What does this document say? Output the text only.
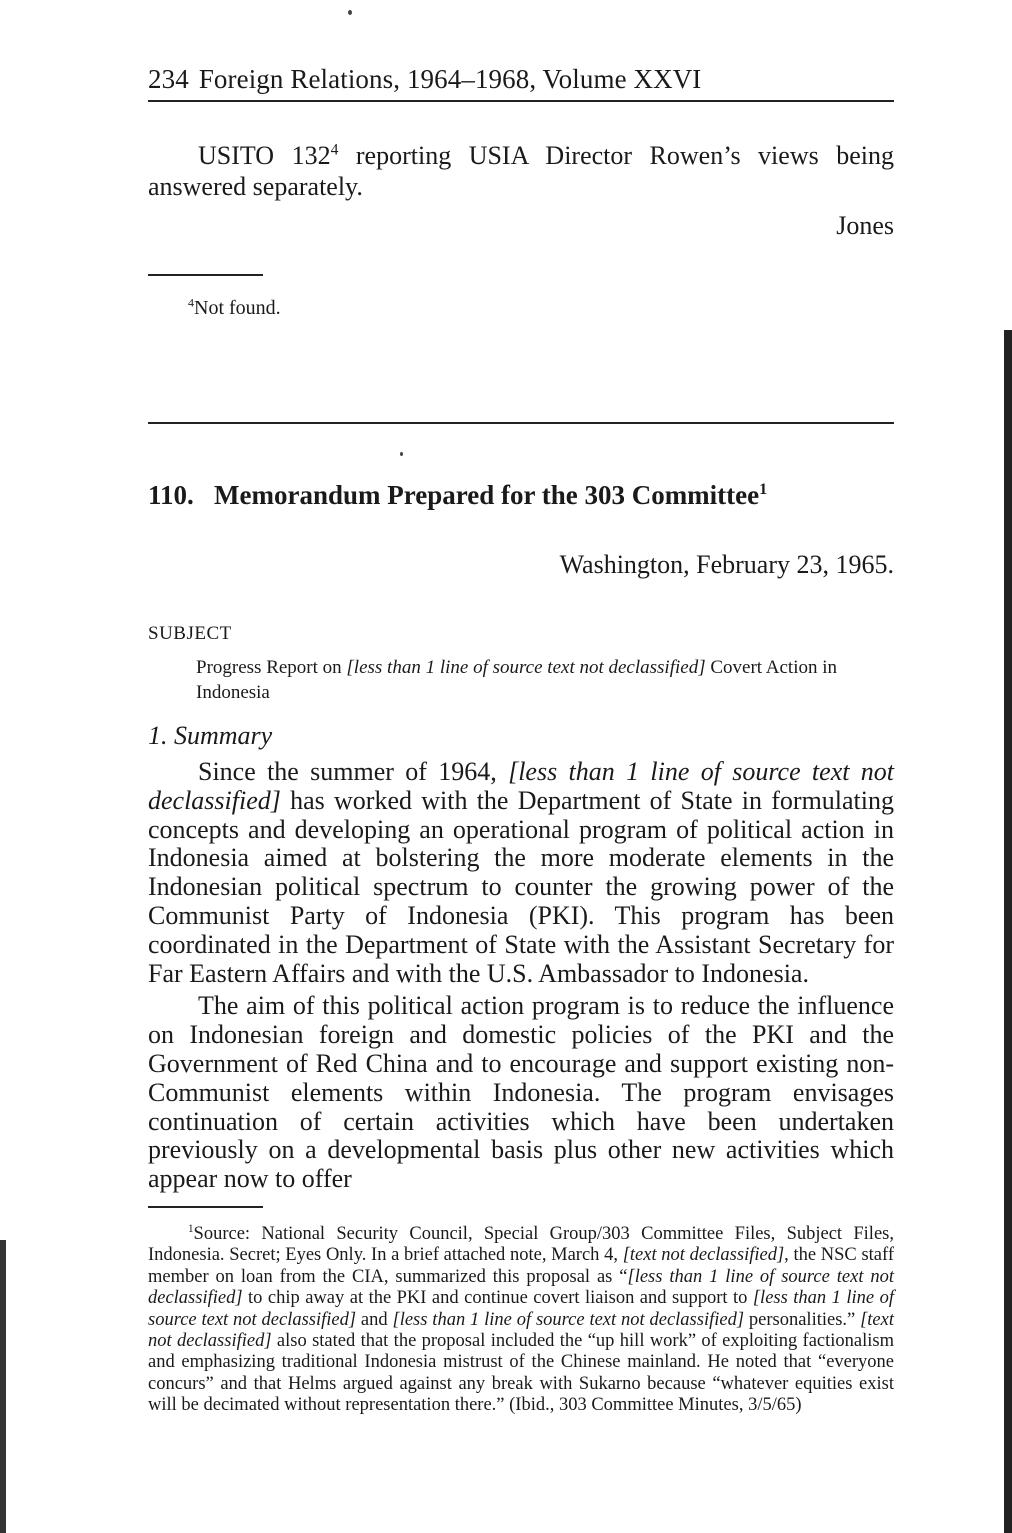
234 Foreign Relations, 1964–1968, Volume XXVI

USITO $132^4$ reporting USIA Director Rowen’s views being answered separately.

Jones
$^4$Not found.
110. Memorandum Prepared for the 303 Committee$^1$
Washington, February 23, 1965.
SUBJECT

Progress Report on [less than 1 line of source text not declassified] Covert Action in Indonesia

1. Summary

Since the summer of 1964, [less than 1 line of source text not declassified] has worked with the Department of State in formulating concepts and developing an operational program of political action in Indonesia aimed at bolstering the more moderate elements in the Indonesian political spectrum to counter the growing power of the Communist Party of Indonesia (PKI). This program has been coordinated in the Department of State with the Assistant Secretary for Far Eastern Affairs and with the U.S. Ambassador to Indonesia.

The aim of this political action program is to reduce the influence on Indonesian foreign and domestic policies of the PKI and the Government of Red China and to encourage and support existing non-Communist elements within Indonesia. The program envisages continuation of certain activities which have been undertaken previously on a developmental basis plus other new activities which appear now to offer

$^1$Source: National Security Council, Special Group/303 Committee Files, Subject Files, Indonesia. Secret; Eyes Only. In a brief attached note, March 4, [text not declassified], the NSC staff member on loan from the CIA, summarized this proposal as “[less than 1 line of source text not declassified] to chip away at the PKI and continue covert liaison and support to [less than 1 line of source text not declassified] and [less than 1 line of source text not declassified] personalities.” [text not declassified] also stated that the proposal included the “up hill work” of exploiting factionalism and emphasizing traditional Indonesia mistrust of the Chinese mainland. He noted that “everyone concurs” and that Helms argued against any break with Sukarno because “whatever equities exist will be decimated without representation there.” (Ibid., 303 Committee Minutes, 3/5/65)
